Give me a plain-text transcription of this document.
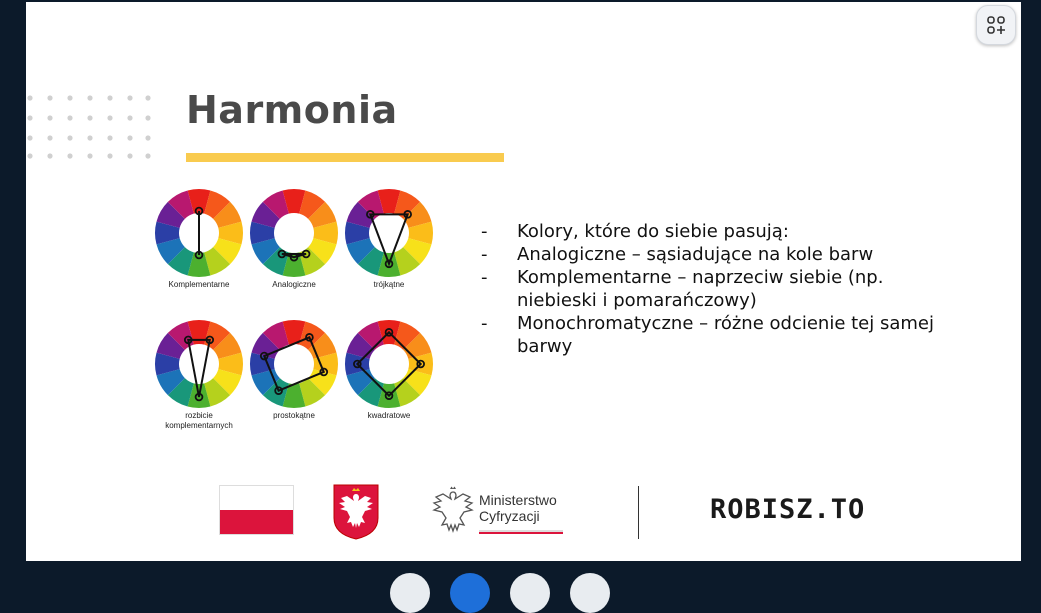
Harmonia
Komplementarne	Analogiczne	trójkątne
rozbicie
komplementarnych
prostokątne	kwadratowe
- Kolory, które do siebie pasują:
- Analogiczne – sąsiadujące na kole barw
- Komplementarne – naprzeciw siebie (np. niebieski i pomarańczowy)
- Monochromatyczne – różne odcienie tej samej barwy
Ministerstwo
Cyfryzacji	RОBISZ.TO
